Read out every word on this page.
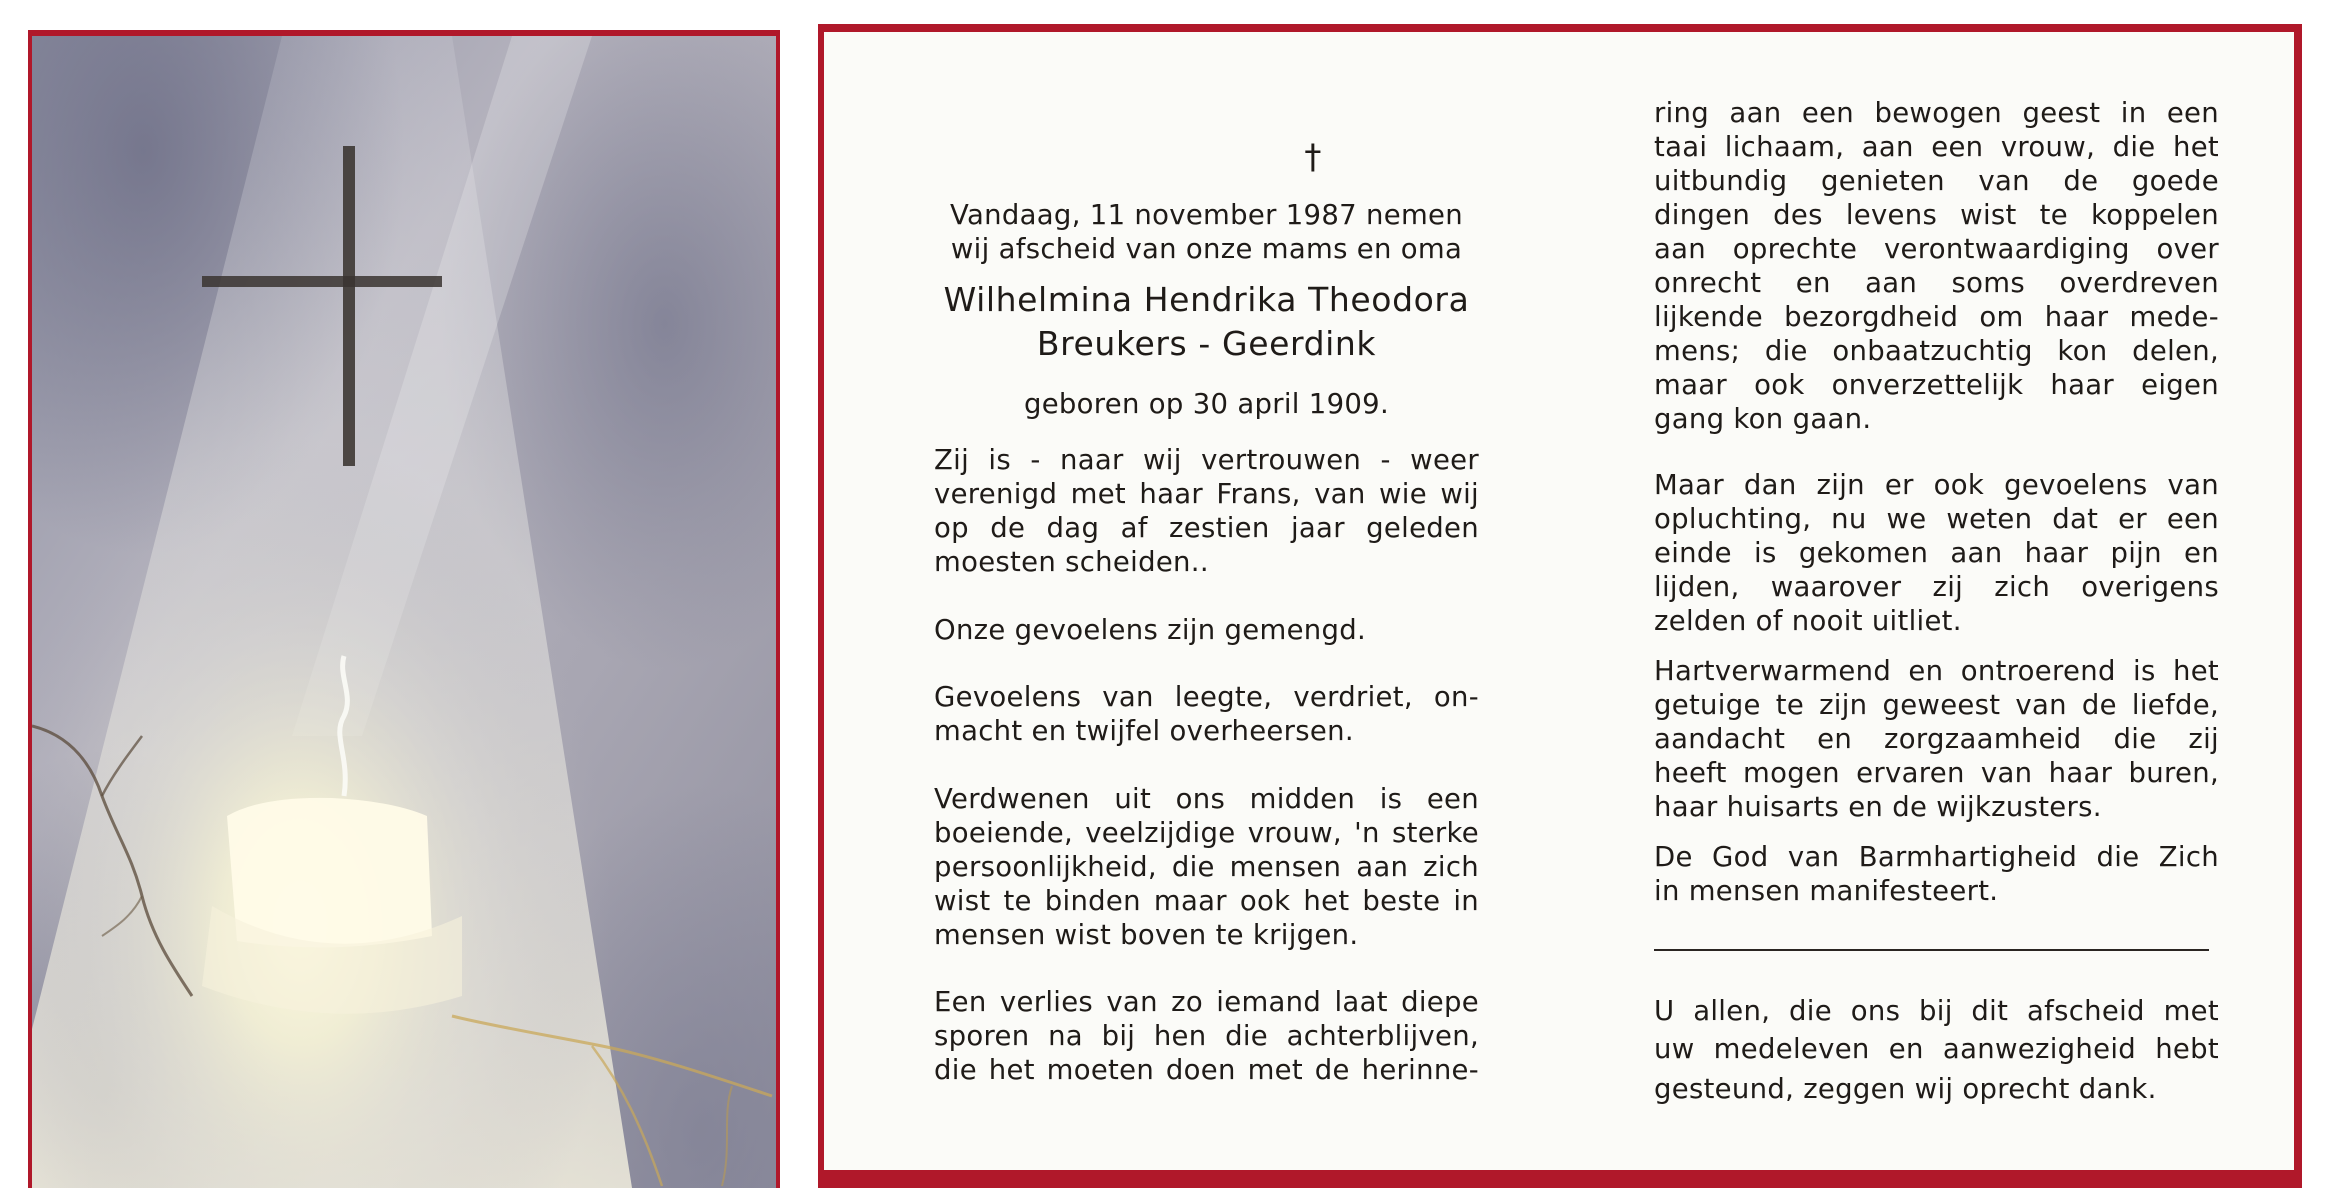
†
Vandaag, 11 november 1987 nemen
wij afscheid van onze mams en oma
Wilhelmina Hendrika Theodora
Breukers - Geerdink
geboren op 30 april 1909.
Zij is - naar wij vertrouwen - weer
verenigd met haar Frans, van wie wij
op de dag af zestien jaar geleden
moesten scheiden..
Onze gevoelens zijn gemengd.
Gevoelens van leegte, verdriet, on-
macht en twijfel overheersen.
Verdwenen uit ons midden is een
boeiende, veelzijdige vrouw, 'n sterke
persoonlijkheid, die mensen aan zich
wist te binden maar ook het beste in
mensen wist boven te krijgen.
Een verlies van zo iemand laat diepe
sporen na bij hen die achterblijven,
die het moeten doen met de herinne-
ring aan een bewogen geest in een
taai lichaam, aan een vrouw, die het
uitbundig genieten van de goede
dingen des levens wist te koppelen
aan oprechte verontwaardiging over
onrecht en aan soms overdreven
lijkende bezorgdheid om haar mede-
mens; die onbaatzuchtig kon delen,
maar ook onverzettelijk haar eigen
gang kon gaan.
Maar dan zijn er ook gevoelens van
opluchting, nu we weten dat er een
einde is gekomen aan haar pijn en
lijden, waarover zij zich overigens
zelden of nooit uitliet.
Hartverwarmend en ontroerend is het
getuige te zijn geweest van de liefde,
aandacht en zorgzaamheid die zij
heeft mogen ervaren van haar buren,
haar huisarts en de wijkzusters.
De God van Barmhartigheid die Zich
in mensen manifesteert.
U allen, die ons bij dit afscheid met
uw medeleven en aanwezigheid hebt
gesteund, zeggen wij oprecht dank.
